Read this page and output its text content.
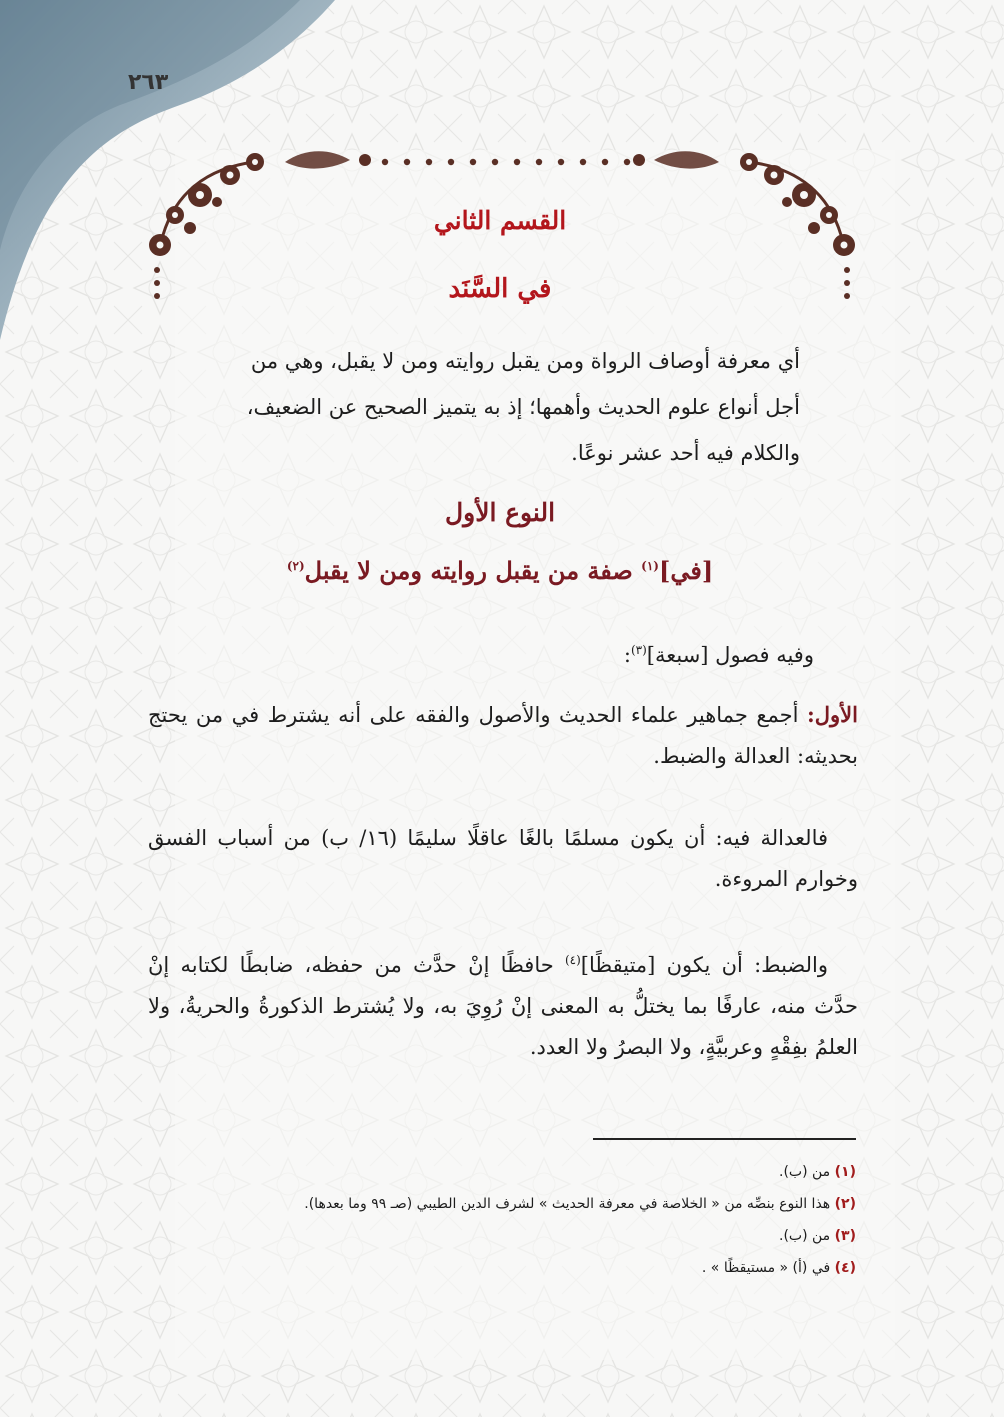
٢٦٣
القسم الثاني
في السَّنَد
أي معرفة أوصاف الرواة ومن يقبل روايته ومن لا يقبل، وهي من
أجل أنواع علوم الحديث وأهمها؛ إذ به يتميز الصحيح عن الضعيف،
والكلام فيه أحد عشر نوعًا.
النوع الأول
[في]$^{(١)}$ صفة من يقبل روايته ومن لا يقبل$^{(٢)}$
وفيه فصول [سبعة]$^{(٣)}$:
الأول: أجمع جماهير علماء الحديث والأصول والفقه على أنه يشترط في من يحتج بحديثه: العدالة والضبط.
فالعدالة فيه: أن يكون مسلمًا بالغًا عاقلًا سليمًا (١٦/ ب) من أسباب الفسق وخوارم المروءة.
والضبط: أن يكون [متيقظًا]$^{(٤)}$ حافظًا إنْ حدَّث من حفظه، ضابطًا لكتابه إنْ حدَّث منه، عارفًا بما يختلُّ به المعنى إنْ رُوِيَ به، ولا يُشترط الذكورةُ والحريةُ، ولا العلمُ بفِقْهٍ وعربيَّةٍ، ولا البصرُ ولا العدد.
(١) من (ب).
(٢) هذا النوع بنصِّه من « الخلاصة في معرفة الحديث » لشرف الدين الطيبي (صـ ٩٩ وما بعدها).
(٣) من (ب).
(٤) في (أ) « مستيقظًا » .
